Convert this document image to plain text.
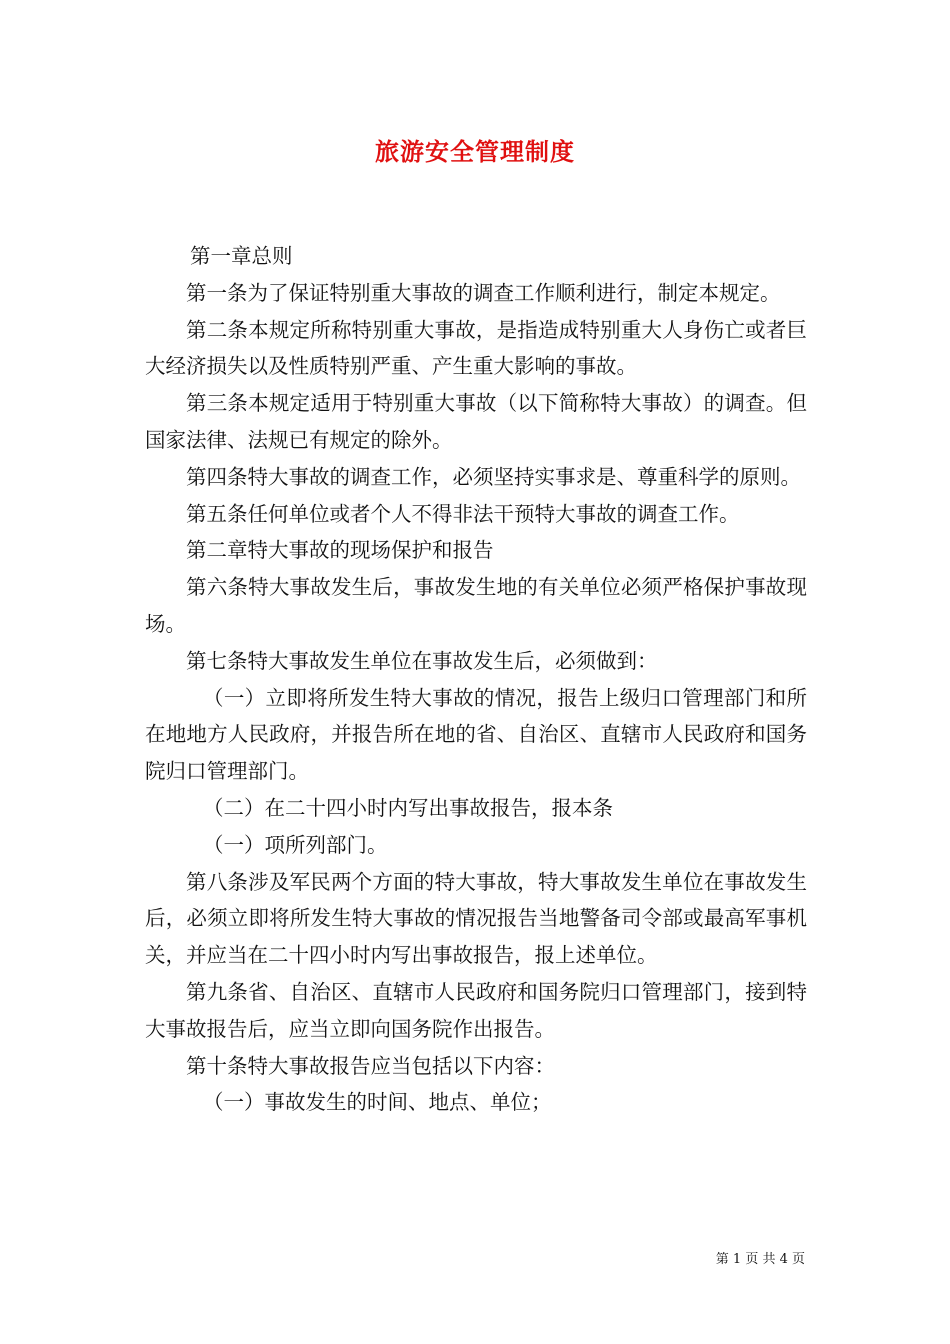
旅游安全管理制度

第一章总则

第一条为了保证特别重大事故的调查工作顺利进行，制定本规定。

第二条本规定所称特别重大事故，是指造成特别重大人身伤亡或者巨大经济损失以及性质特别严重、产生重大影响的事故。

第三条本规定适用于特别重大事故（以下简称特大事故）的调查。但国家法律、法规已有规定的除外。

第四条特大事故的调查工作，必须坚持实事求是、尊重科学的原则。

第五条任何单位或者个人不得非法干预特大事故的调查工作。

第二章特大事故的现场保护和报告

第六条特大事故发生后，事故发生地的有关单位必须严格保护事故现场。

第七条特大事故发生单位在事故发生后，必须做到：

（一）立即将所发生特大事故的情况，报告上级归口管理部门和所在地地方人民政府，并报告所在地的省、自治区、直辖市人民政府和国务院归口管理部门。

（二）在二十四小时内写出事故报告，报本条

（一）项所列部门。

第八条涉及军民两个方面的特大事故，特大事故发生单位在事故发生后，必须立即将所发生特大事故的情况报告当地警备司令部或最高军事机关，并应当在二十四小时内写出事故报告，报上述单位。

第九条省、自治区、直辖市人民政府和国务院归口管理部门，接到特大事故报告后，应当立即向国务院作出报告。

第十条特大事故报告应当包括以下内容：

（一）事故发生的时间、地点、单位；

第 1 页 共 4 页
